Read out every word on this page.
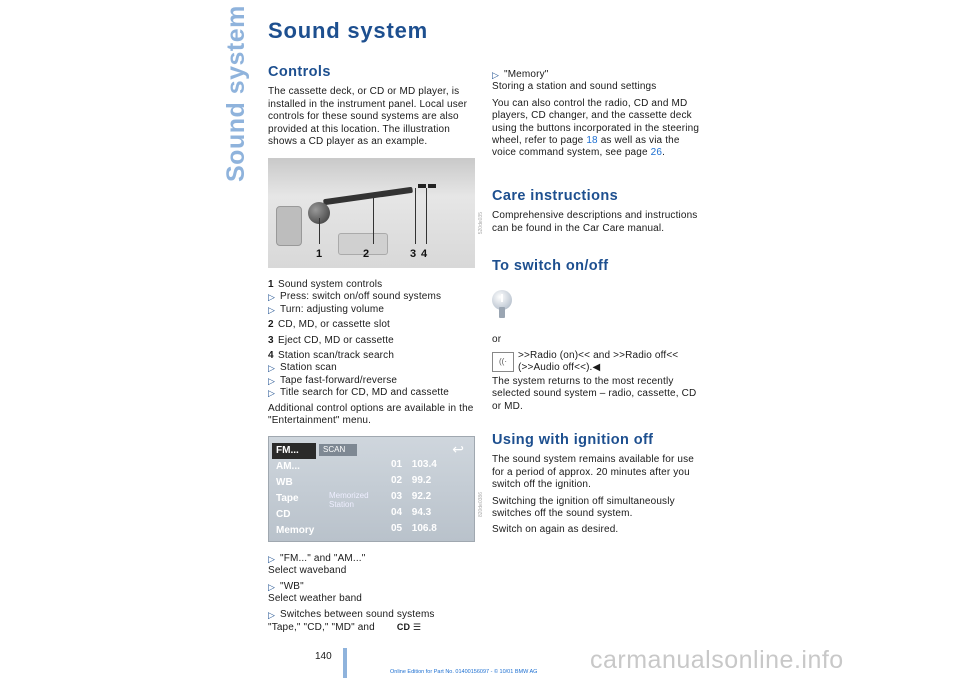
Sound system Sound system
Controls
The cassette deck, or CD or MD player, is installed in the instrument panel. Local user controls for these sound systems are also provided at this location. The illustration shows a CD player as an example.
1	2	3 4
520de035
1 Sound system controls
▷ Press: switch on/off sound systems
▷ Turn: adjusting volume
2 CD, MD, or cassette slot
3 Eject CD, MD or cassette
4 Station scan/track search
▷ Station scan
▷ Tape fast-forward/reverse
▷ Title search for CD, MD and cassette
Additional control options are available in the "Entertainment" menu.
FM...
AM...
WB
Tape
CD
Memory
SCAN	↩
Memorized
Station
01 103.4
02 99.2
03 92.2
04 94.3
05 106.8
820de0386
▷ "FM..." and "AM..."
Select waveband
▷ "WB"
Select weather band
▷ Switches between sound systems
"Tape," "CD," "MD" and CD ☰
▷ "Memory"
Storing a station and sound settings
You can also control the radio, CD and MD players, CD changer, and the cassette deck using the buttons incorporated in the steering wheel, refer to page 18 as well as via the voice command system, see page 26.
Care instructions
Comprehensive descriptions and instructions can be found in the Car Care manual.
To switch on/off
or
((·
>>Radio (on)<< and >>Radio off<< (>>Audio off<<).◀
The system returns to the most recently selected sound system – radio, cassette, CD or MD.
Using with ignition off
The sound system remains available for use for a period of approx. 20 minutes after you switch off the ignition.
Switching the ignition off simultaneously switches off the sound system.
Switch on again as desired.
140
Online Edition for Part No. 01400156097 - © 10/01 BMW AG carmanualsonline.info
